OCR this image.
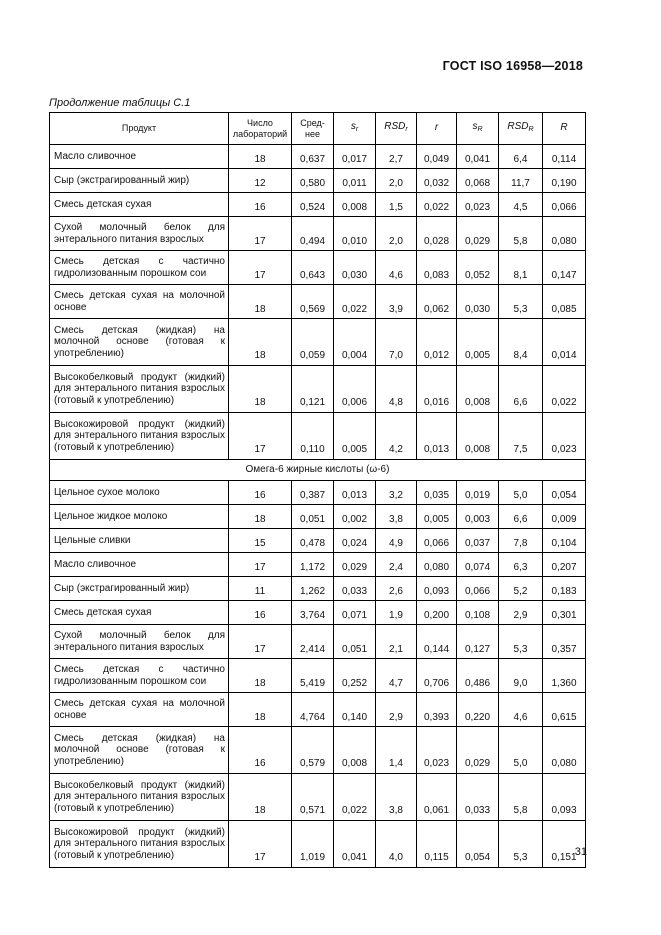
ГОСТ ISO 16958—2018
Продолжение таблицы С.1
Продукт	Число лабораторий	Сред-нее	$s_r$	$RSD_r$	r	$s_R$	$RSD_R$	R
Масло сливочное	18	0,637	0,017	2,7	0,049	0,041	6,4	0,114
Сыр (экстрагированный жир)	12	0,580	0,011	2,0	0,032	0,068	11,7	0,190
Смесь детская сухая	16	0,524	0,008	1,5	0,022	0,023	4,5	0,066
Сухой молочный белок для энтерального питания взрослых	17	0,494	0,010	2,0	0,028	0,029	5,8	0,080
Смесь детская с частично гидролизованным порошком сои	17	0,643	0,030	4,6	0,083	0,052	8,1	0,147
Смесь детская сухая на молочной основе	18	0,569	0,022	3,9	0,062	0,030	5,3	0,085
Смесь детская (жидкая) на молочной основе (готовая к употреблению)	18	0,059	0,004	7,0	0,012	0,005	8,4	0,014
Высокобелковый продукт (жидкий) для энтерального питания взрослых (готовый к употреблению)	18	0,121	0,006	4,8	0,016	0,008	6,6	0,022
Высокожировой продукт (жидкий) для энтерального питания взрослых (готовый к употреблению)	17	0,110	0,005	4,2	0,013	0,008	7,5	0,023
Омега-6 жирные кислоты (ω-6)								
Цельное сухое молоко	16	0,387	0,013	3,2	0,035	0,019	5,0	0,054
Цельное жидкое молоко	18	0,051	0,002	3,8	0,005	0,003	6,6	0,009
Цельные сливки	15	0,478	0,024	4,9	0,066	0,037	7,8	0,104
Масло сливочное	17	1,172	0,029	2,4	0,080	0,074	6,3	0,207
Сыр (экстрагированный жир)	11	1,262	0,033	2,6	0,093	0,066	5,2	0,183
Смесь детская сухая	16	3,764	0,071	1,9	0,200	0,108	2,9	0,301
Сухой молочный белок для энтерального питания взрослых	17	2,414	0,051	2,1	0,144	0,127	5,3	0,357
Смесь детская с частично гидролизованным порошком сои	18	5,419	0,252	4,7	0,706	0,486	9,0	1,360
Смесь детская сухая на молочной основе	18	4,764	0,140	2,9	0,393	0,220	4,6	0,615
Смесь детская (жидкая) на молочной основе (готовая к употреблению)	16	0,579	0,008	1,4	0,023	0,029	5,0	0,080
Высокобелковый продукт (жидкий) для энтерального питания взрослых (готовый к употреблению)	18	0,571	0,022	3,8	0,061	0,033	5,8	0,093
Высокожировой продукт (жидкий) для энтерального питания взрослых (готовый к употреблению)	17	1,019	0,041	4,0	0,115	0,054	5,3	0,151
31
